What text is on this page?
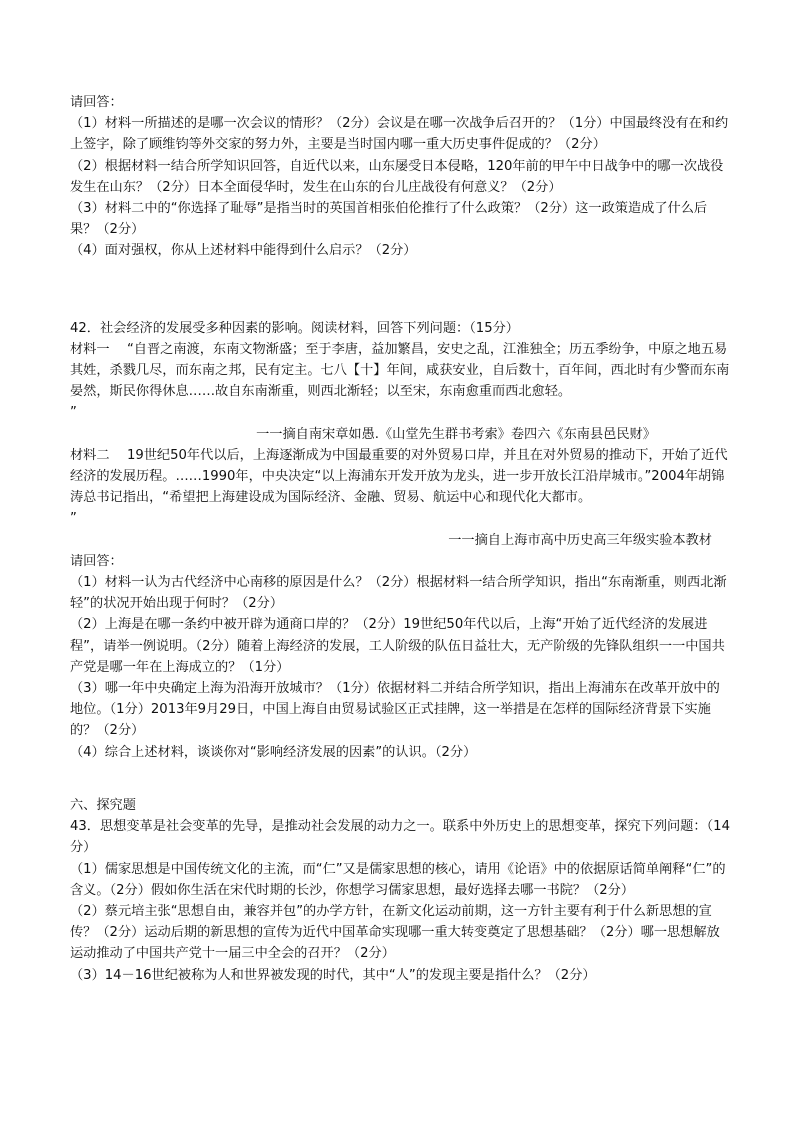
请回答：

（1）材料一所描述的是哪一次会议的情形？（2分）会议是在哪一次战争后召开的？（1分）中国最终没有在和约上签字，除了顾维钧等外交家的努力外，主要是当时国内哪一重大历史事件促成的？（2分）

（2）根据材料一结合所学知识回答，自近代以来，山东屡受日本侵略，120年前的甲午中日战争中的哪一次战役发生在山东？（2分）日本全面侵华时，发生在山东的台儿庄战役有何意义？（2分）

（3）材料二中的“你选择了耻辱”是指当时的英国首相张伯伦推行了什么政策？（2分）这一政策造成了什么后果？（2分）

（4）面对强权，你从上述材料中能得到什么启示？（2分）

42．社会经济的发展受多种因素的影响。阅读材料，回答下列问题：（15分）

材料一　 “自晋之南渡，东南文物渐盛；至于李唐，益加繁昌，安史之乱，江淮独全；历五季纷争，中原之地五易其姓，杀戮几尽，而东南之邦，民有定主。七八【十】年间，咸获安业，自后数十，百年间，西北时有少警而东南晏然，斯民你得休息……故自东南渐重，则西北渐轻；以至宋，东南愈重而西北愈轻。

”

一一摘自南宋章如愚.《山堂先生群书考索》卷四六《东南县邑民财》

材料二　 19世纪50年代以后，上海逐渐成为中国最重要的对外贸易口岸，并且在对外贸易的推动下，开始了近代经济的发展历程。……1990年，中央决定“以上海浦东开发开放为龙头，进一步开放长江沿岸城市。”2004年胡锦涛总书记指出，“希望把上海建设成为国际经济、金融、贸易、航运中心和现代化大都市。

”

一一摘自上海市高中历史高三年级实验本教材

请回答：

（1）材料一认为古代经济中心南移的原因是什么？（2分）根据材料一结合所学知识，指出“东南渐重，则西北渐轻”的状况开始出现于何时？（2分）

（2）上海是在哪一条约中被开辟为通商口岸的？（2分）19世纪50年代以后，上海“开始了近代经济的发展进程”，请举一例说明。（2分）随着上海经济的发展，工人阶级的队伍日益壮大，无产阶级的先锋队组织一一中国共产党是哪一年在上海成立的？（1分）

（3）哪一年中央确定上海为沿海开放城市？（1分）依据材料二并结合所学知识，指出上海浦东在改革开放中的地位。（1分）2013年9月29日，中国上海自由贸易试验区正式挂牌，这一举措是在怎样的国际经济背景下实施的？（2分）

（4）综合上述材料，谈谈你对“影响经济发展的因素”的认识。（2分）

六、探究题

43．思想变革是社会变革的先导，是推动社会发展的动力之一。联系中外历史上的思想变革，探究下列问题：（14分）

（1）儒家思想是中国传统文化的主流，而“仁”又是儒家思想的核心，请用《论语》中的依据原话简单阐释“仁”的含义。（2分）假如你生活在宋代时期的长沙，你想学习儒家思想，最好选择去哪一书院？（2分）

（2）蔡元培主张“思想自由，兼容并包”的办学方针，在新文化运动前期，这一方针主要有利于什么新思想的宣传？（2分）运动后期的新思想的宣传为近代中国革命实现哪一重大转变奠定了思想基础？（2分）哪一思想解放运动推动了中国共产党十一届三中全会的召开？（2分）

（3）14－16世纪被称为人和世界被发现的时代，其中“人”的发现主要是指什么？（2分）
